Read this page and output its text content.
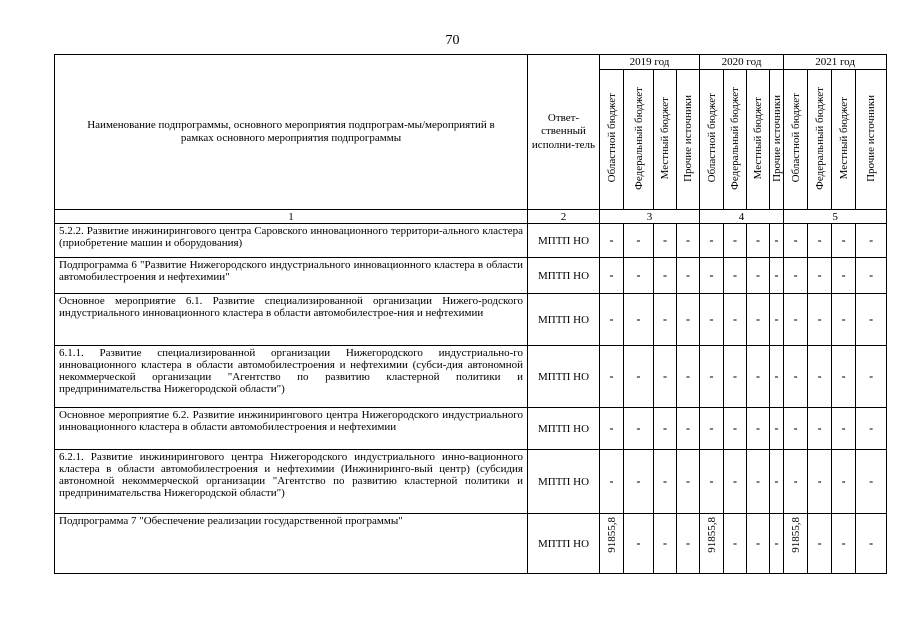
70
Наименование подпрограммы, основного мероприятия подпрограм-мы/мероприятий в рамках основного мероприятия подпрограммы	Ответ-ственный исполни-тель	2019 год				2020 год				2021 год			
		Областной бюджет	Федеральный бюджет	Местный бюджет	Прочие источники	Областной бюджет	Федеральный бюджет	Местный бюджет	Прочие источники	Областной бюджет	Федеральный бюджет	Местный бюджет	Прочие источники
1	2	3				4				5			
5.2.2. Развитие инжинирингового центра Саровского инновационного территори-ального кластера (приобретение машин и оборудования)	МПТП НО	-	-	-	-	-	-	-	-	-	-	-	-
Подпрограмма 6 "Развитие Нижегородского индустриального инновационного кластера в области автомобилестроения и нефтехимии"	МПТП НО	-	-	-	-	-	-	-	-	-	-	-	-
Основное мероприятие 6.1. Развитие специализированной организации Нижего-родского индустриального инновационного кластера в области автомобилестрое-ния и нефтехимии	МПТП НО	-	-	-	-	-	-	-	-	-	-	-	-
6.1.1. Развитие специализированной организации Нижегородского индустриально-го инновационного кластера в области автомобилестроения и нефтехимии (субси-дия автономной некоммерческой организации "Агентство по развитию кластерной политики и предпринимательства Нижегородской области")	МПТП НО	-	-	-	-	-	-	-	-	-	-	-	-
Основное мероприятие 6.2. Развитие инжинирингового центра Нижегородского индустриального инновационного кластера в области автомобилестроения и нефтехимии	МПТП НО	-	-	-	-	-	-	-	-	-	-	-	-
6.2.1. Развитие инжинирингового центра Нижегородского индустриального инно-вационного кластера в области автомобилестроения и нефтехимии (Инжиниринго-вый центр) (субсидия автономной некоммерческой организации "Агентство по развитию кластерной политики и предпринимательства Нижегородской области")	МПТП НО	-	-	-	-	-	-	-	-	-	-	-	-
Подпрограмма 7 "Обеспечение реализации государственной программы"	МПТП НО	91855,8	-	-	-	91855,8	-	-	-	91855,8	-	-	-
